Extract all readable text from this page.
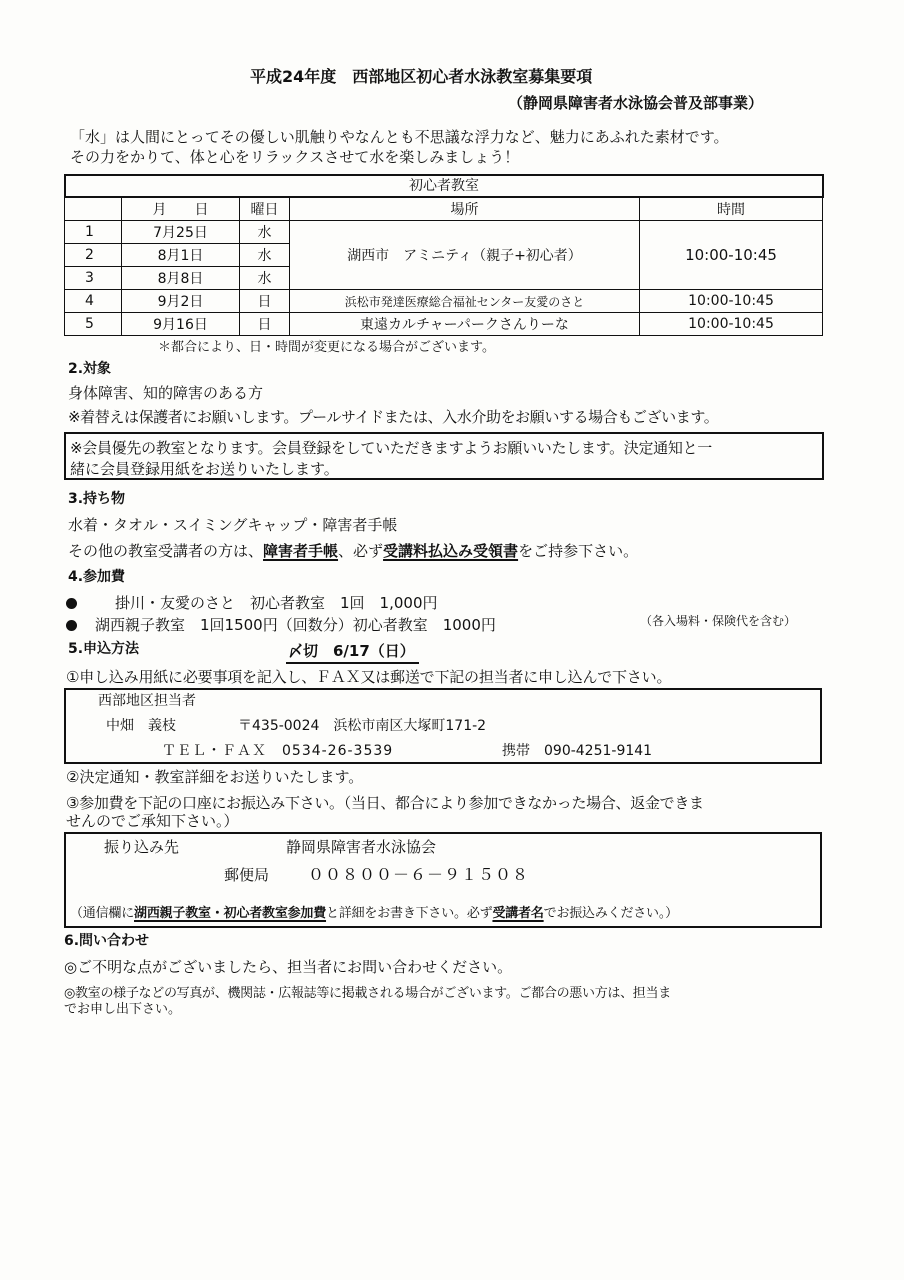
平成24年度　西部地区初心者水泳教室募集要項
（静岡県障害者水泳協会普及部事業）
「水」は人間にとってその優しい肌触りやなんとも不思議な浮力など、魅力にあふれた素材です。
その力をかりて、体と心をリラックスさせて水を楽しみましょう！
初心者教室
	月　　日	曜日	場所	時間
1	7月25日	水	湖西市　アミニティ（親子+初心者）	10:00-10:45
2	8月1日	水		
3	8月8日	水		
4	9月2日	日	浜松市発達医療総合福祉センター友愛のさと	10:00-10:45
5	9月16日	日	東遠カルチャーパークさんりーな	10:00-10:45
＊都合により、日・時間が変更になる場合がございます。
2.対象
身体障害、知的障害のある方
※着替えは保護者にお願いします。プールサイドまたは、入水介助をお願いする場合もございます。
※会員優先の教室となります。会員登録をしていただきますようお願いいたします。決定通知と一
緒に会員登録用紙をお送りいたします。
3.持ち物
水着・タオル・スイミングキャップ・障害者手帳
その他の教室受講者の方は、障害者手帳、必ず受講料払込み受領書をご持参下さい。
4.参加費
掛川・友愛のさと　初心者教室　1回　1,000円
湖西親子教室　1回1500円（回数分）初心者教室　1000円	（各入場料・保険代を含む）
5.申込方法	〆切　6/17（日）
①申し込み用紙に必要事項を記入し、ＦＡＸ又は郵送で下記の担当者に申し込んで下さい。
西部地区担当者
中畑　義枝	〒435-0024　浜松市南区大塚町171-2
ＴＥＬ・ＦＡＸ　0534-26-3539	携帯　090-4251-9141
②決定通知・教室詳細をお送りいたします。
③参加費を下記の口座にお振込み下さい。（当日、都合により参加できなかった場合、返金できま
せんのでご承知下さい。）
振り込み先	静岡県障害者水泳協会
郵便局 ００８００－６－９１５０８
（通信欄に湖西親子教室・初心者教室参加費と詳細をお書き下さい。必ず受講者名でお振込みください。）
6.問い合わせ
◎ご不明な点がございましたら、担当者にお問い合わせください。
◎教室の様子などの写真が、機関誌・広報誌等に掲載される場合がございます。ご都合の悪い方は、担当ま
でお申し出下さい。
